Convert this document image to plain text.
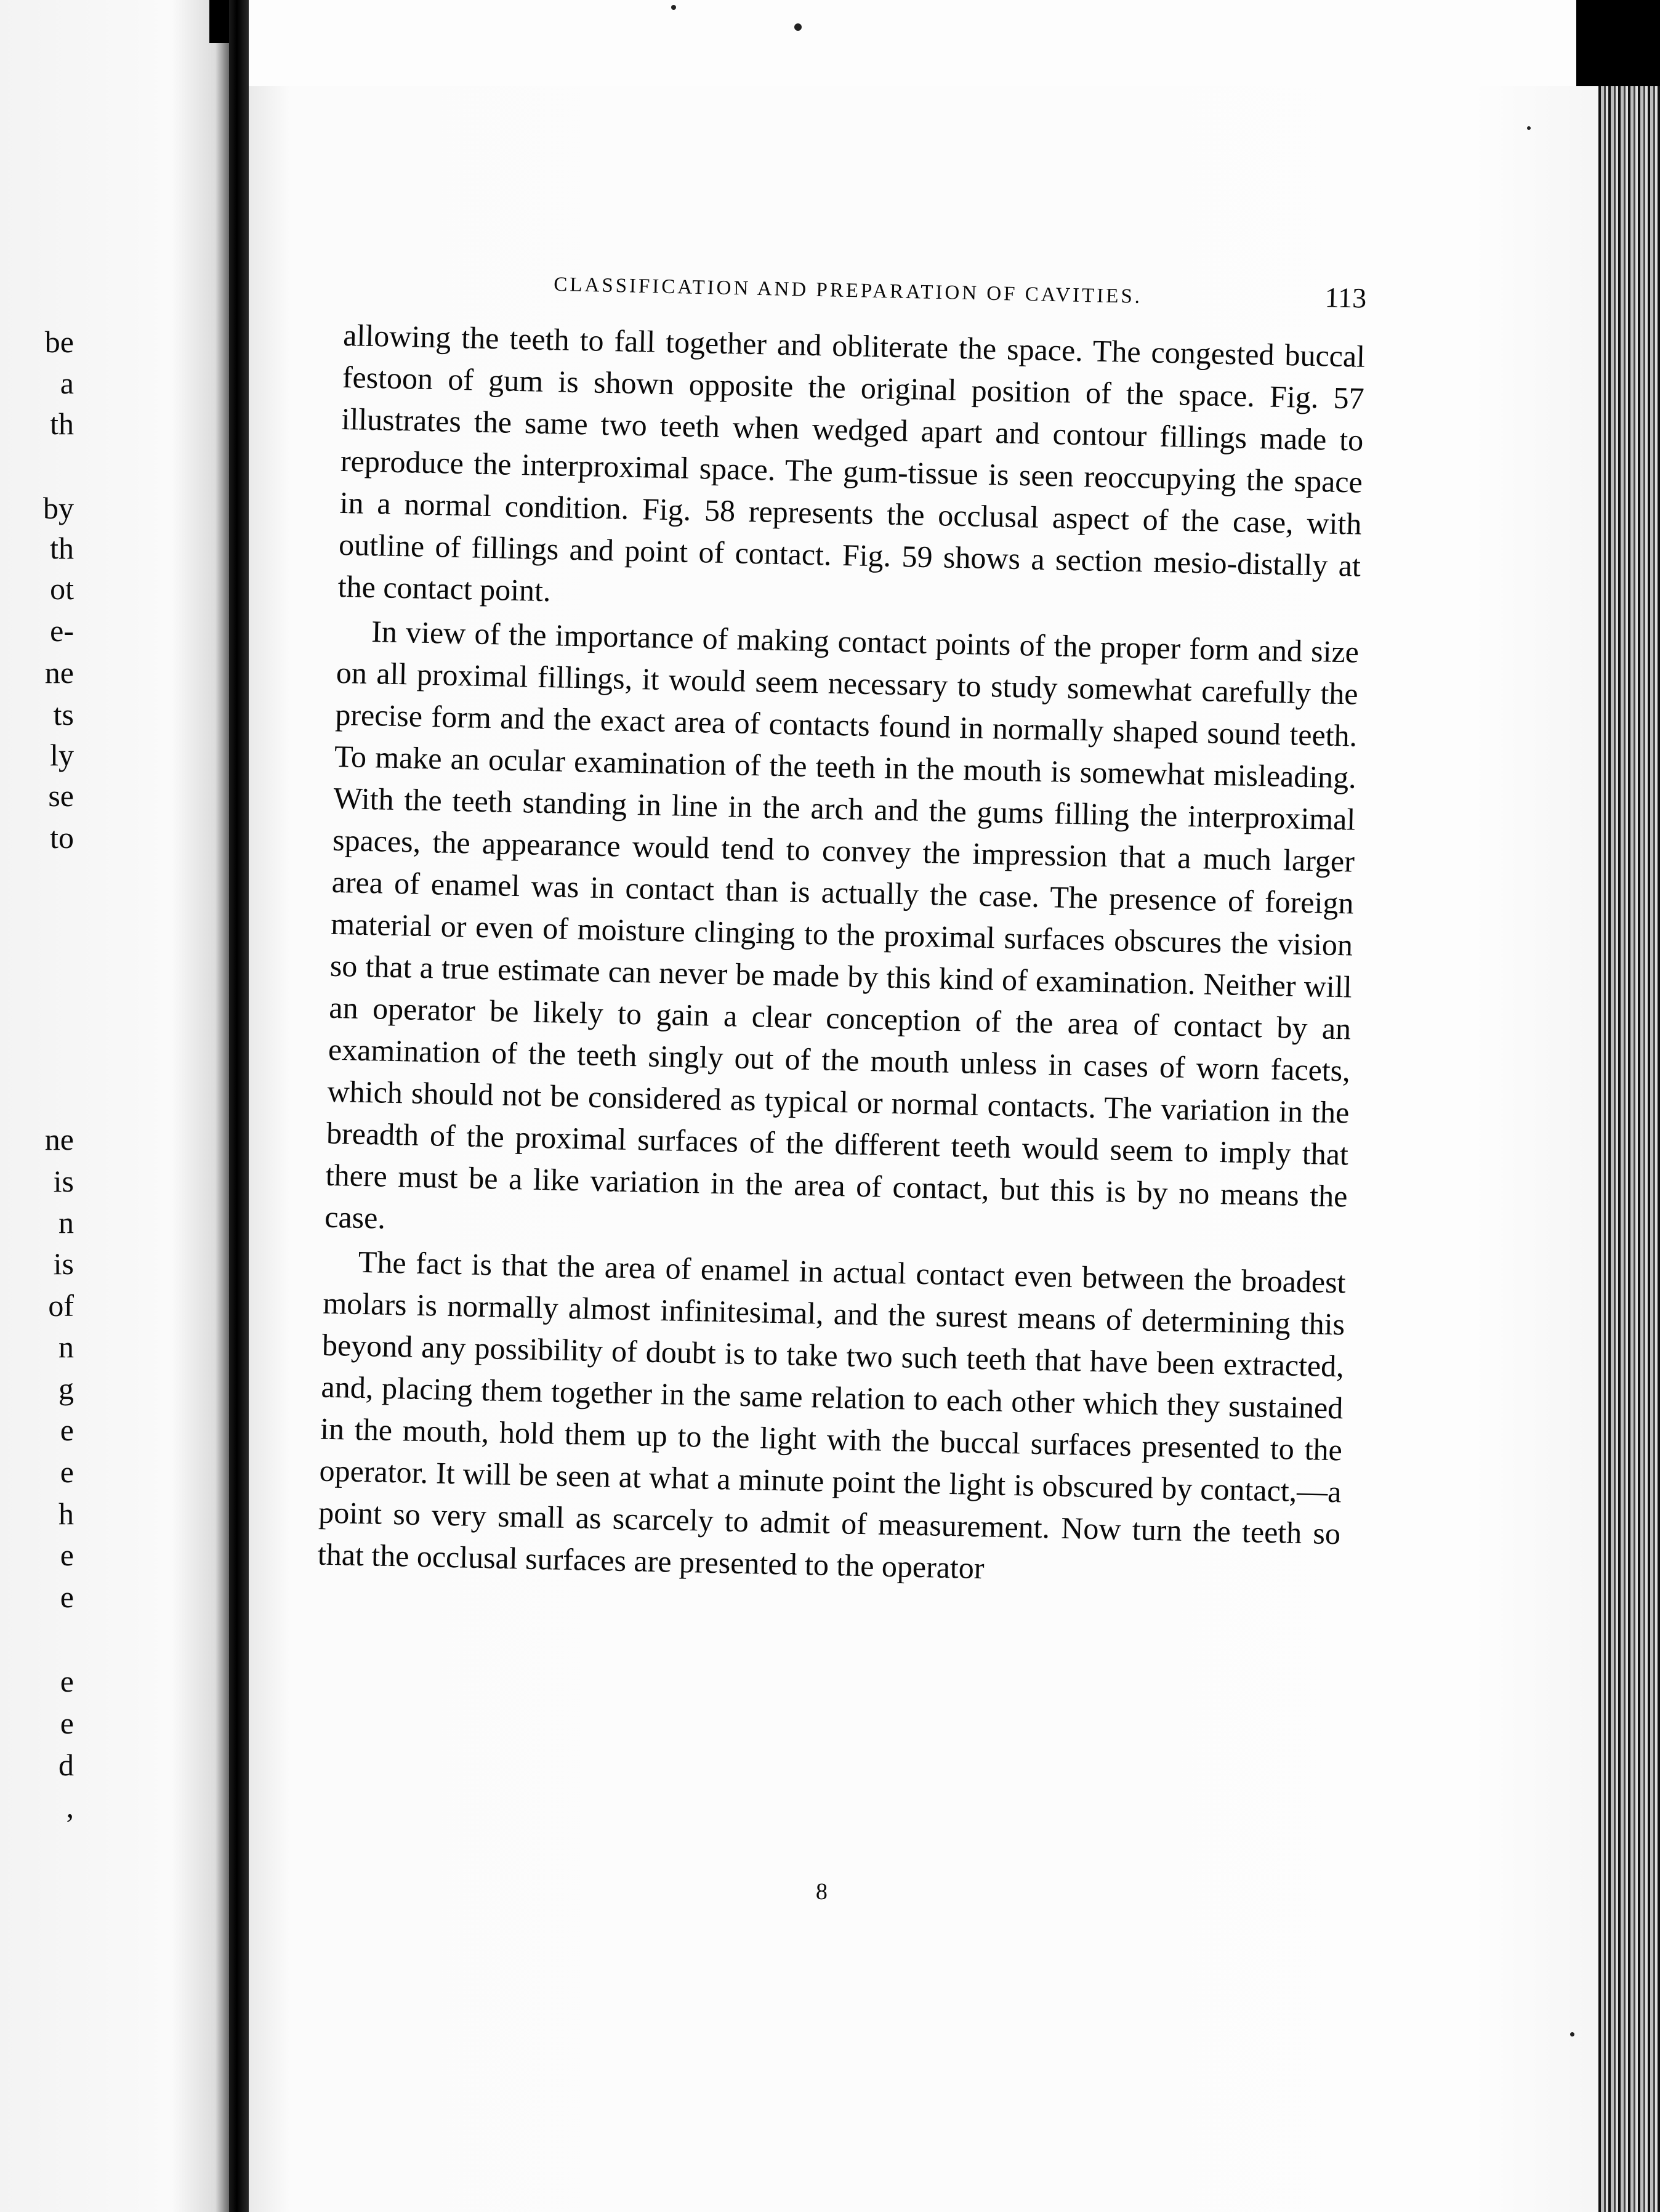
be
a
th
by
th
ot
e-
ne
ts
ly
se
to
ne
is
n
is
of
n
g
e
e
h
e
e
e
e
d
,
CLASSIFICATION AND PREPARATION OF CAVITIES.	113

allowing the teeth to fall together and obliterate the space. The congested buccal festoon of gum is shown opposite the original position of the space. Fig. 57 illustrates the same two teeth when wedged apart and contour fillings made to reproduce the interproximal space. The gum-tissue is seen reoccupying the space in a normal condition. Fig. 58 represents the occlusal aspect of the case, with outline of fillings and point of contact. Fig. 59 shows a section mesio-distally at the contact point.

In view of the importance of making contact points of the proper form and size on all proximal fillings, it would seem necessary to study somewhat carefully the precise form and the exact area of contacts found in normally shaped sound teeth. To make an ocular examination of the teeth in the mouth is somewhat misleading. With the teeth standing in line in the arch and the gums filling the interproximal spaces, the appearance would tend to convey the impression that a much larger area of enamel was in contact than is actually the case. The presence of foreign material or even of moisture clinging to the proximal surfaces obscures the vision so that a true estimate can never be made by this kind of examination. Neither will an operator be likely to gain a clear conception of the area of contact by an examination of the teeth singly out of the mouth unless in cases of worn facets, which should not be considered as typical or normal contacts. The variation in the breadth of the proximal surfaces of the different teeth would seem to imply that there must be a like variation in the area of contact, but this is by no means the case.

The fact is that the area of enamel in actual contact even between the broadest molars is normally almost infinitesimal, and the surest means of determining this beyond any possibility of doubt is to take two such teeth that have been extracted, and, placing them together in the same relation to each other which they sustained in the mouth, hold them up to the light with the buccal surfaces presented to the operator. It will be seen at what a minute point the light is obscured by contact,—a point so very small as scarcely to admit of measurement. Now turn the teeth so that the occlusal surfaces are presented to the operator

8
